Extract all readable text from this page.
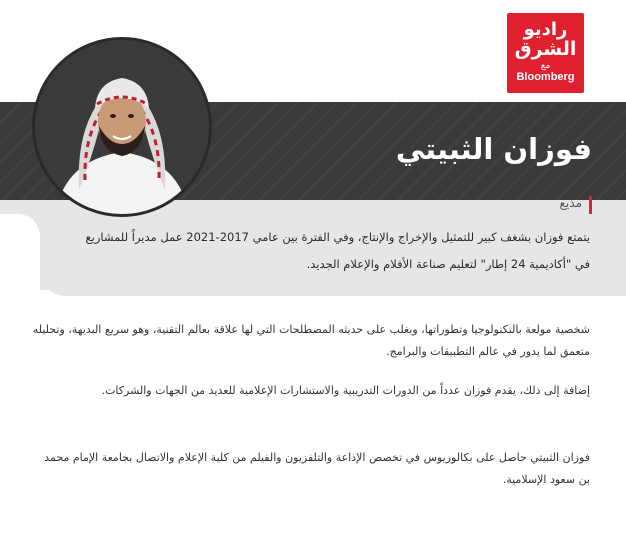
راديو
الشرق
مع
Bloomberg
فوزان الثبيتي
مذيع
يتمتع فوزان بشغف كبير للتمثيل والإخراج والإنتاج، وفي الفترة بين عامي 2017-2021 عمل مديراً للمشاريع في "أكاديمية 24 إطار" لتعليم صناعة الأفلام والإعلام الجديد.
شخصية مولعة بالتكنولوجيا وتطوراتها، ويغلب على حديثه المصطلحات التي لها علاقة بعالم التقنية، وهو سريع البديهة، وتحليله متعمق لما يدور في عالم التطبيقات والبرامج.
إضافة إلى ذلك، يقدم فوزان عدداً من الدورات التدريبية والاستشارات الإعلامية للعديد من الجهات والشركات.
فوزان الثبيتي حاصل على بكالوريوس في تخصص الإذاعة والتلفزيون والفيلم من كلية الإعلام والاتصال بجامعة الإمام محمد بن سعود الإسلامية.
